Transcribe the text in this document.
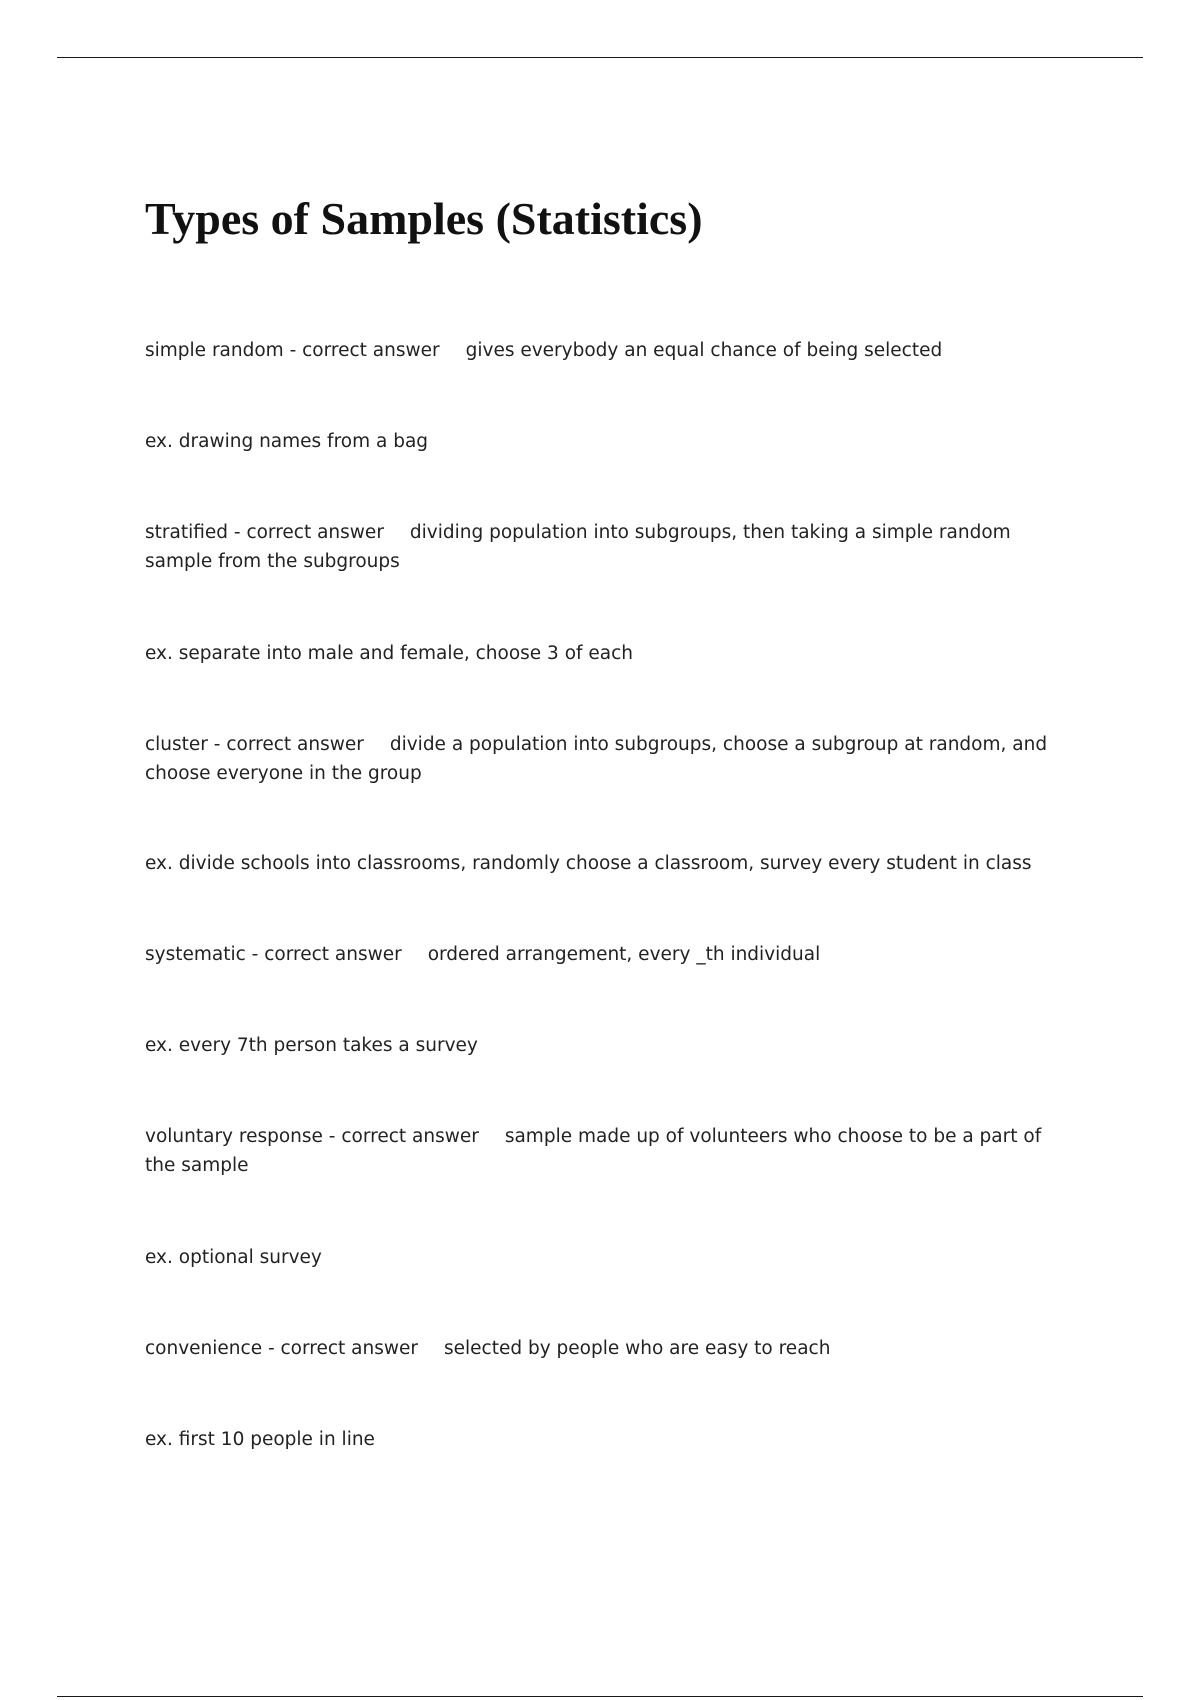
Types of Samples (Statistics)

simple random - correct answer gives everybody an equal chance of being selected

ex. drawing names from a bag

stratified - correct answer dividing population into subgroups, then taking a simple random sample from the subgroups

ex. separate into male and female, choose 3 of each

cluster - correct answer divide a population into subgroups, choose a subgroup at random, and choose everyone in the group

ex. divide schools into classrooms, randomly choose a classroom, survey every student in class

systematic - correct answer ordered arrangement, every _th individual

ex. every 7th person takes a survey

voluntary response - correct answer sample made up of volunteers who choose to be a part of the sample

ex. optional survey

convenience - correct answer selected by people who are easy to reach

ex. first 10 people in line
